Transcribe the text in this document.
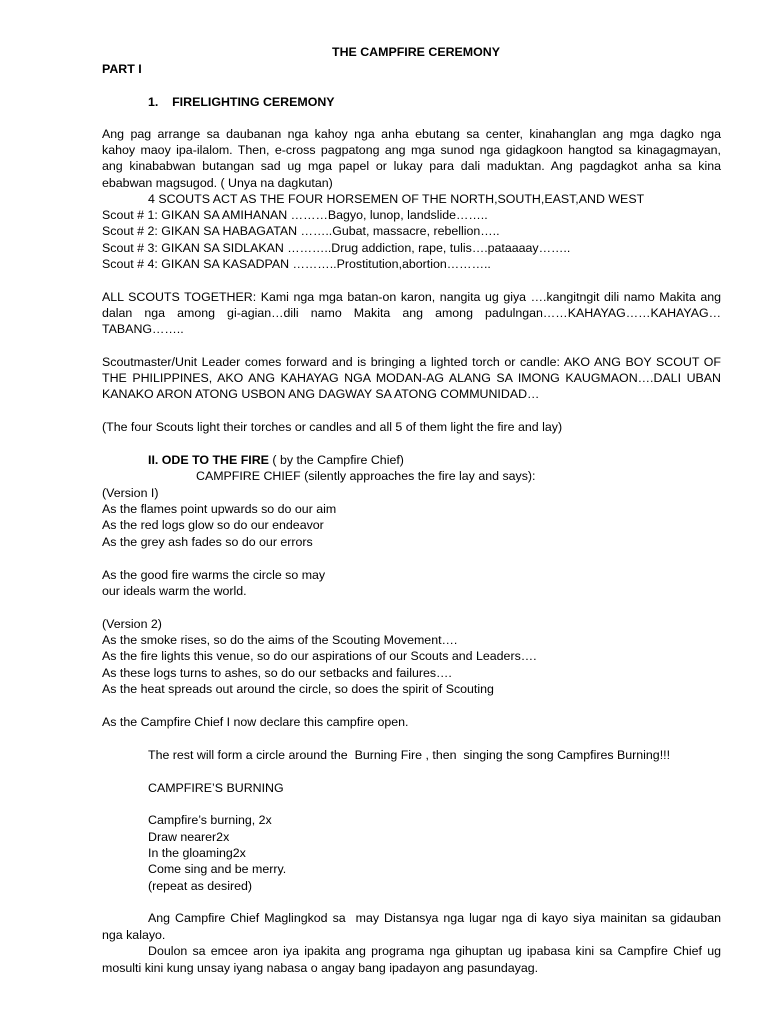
THE CAMPFIRE CEREMONY
PART I
1.    FIRELIGHTING CEREMONY
Ang pag arrange sa daubanan nga kahoy nga anha ebutang sa center, kinahanglan ang mga dagko nga
kahoy maoy ipa-ilalom. Then, e-cross pagpatong ang mga sunod nga gidagkoon hangtod sa kinagagmayan,
ang kinababwan butangan sad ug mga papel or lukay para dali maduktan. Ang pagdagkot anha sa kina
ebabwan magsugod. ( Unya na dagkutan)
4 SCOUTS ACT AS THE FOUR HORSEMEN OF THE NORTH,SOUTH,EAST,AND WEST
Scout # 1: GIKAN SA AMIHANAN ………Bagyo, lunop, landslide……..
Scout # 2: GIKAN SA HABAGATAN ……..Gubat, massacre, rebellion…..
Scout # 3: GIKAN SA SIDLAKAN ………..Drug addiction, rape, tulis….pataaaay……..
Scout # 4: GIKAN SA KASADPAN ………..Prostitution,abortion………..
ALL SCOUTS TOGETHER: Kami nga mga batan-on karon, nangita ug giya ….kangitngit dili namo Makita ang
dalan nga among gi-agian…dili namo Makita ang among padulngan……KAHAYAG……KAHAYAG…
TABANG……..
Scoutmaster/Unit Leader comes forward and is bringing a lighted torch or candle: AKO ANG BOY SCOUT OF
THE PHILIPPINES, AKO ANG KAHAYAG NGA MODAN-AG ALANG SA IMONG KAUGMAON….DALI UBAN
KANAKO ARON ATONG USBON ANG DAGWAY SA ATONG COMMUNIDAD…
(The four Scouts light their torches or candles and all 5 of them light the fire and lay)
II. ODE TO THE FIRE ( by the Campfire Chief)
CAMPFIRE CHIEF (silently approaches the fire lay and says):
(Version I)
As the flames point upwards so do our aim
As the red logs glow so do our endeavor
As the grey ash fades so do our errors
As the good fire warms the circle so may
our ideals warm the world.
(Version 2)
As the smoke rises, so do the aims of the Scouting Movement….
As the fire lights this venue, so do our aspirations of our Scouts and Leaders….
As these logs turns to ashes, so do our setbacks and failures….
As the heat spreads out around the circle, so does the spirit of Scouting
As the Campfire Chief I now declare this campfire open.
The rest will form a circle around the  Burning Fire , then  singing the song Campfires Burning!!!
CAMPFIRE’S BURNING
Campfire’s burning, 2x
Draw nearer2x
In the gloaming2x
Come sing and be merry.
(repeat as desired)
Ang Campfire Chief Maglingkod sa  may Distansya nga lugar nga di kayo siya mainitan sa gidauban
nga kalayo.
Doulon sa emcee aron iya ipakita ang programa nga gihuptan ug ipabasa kini sa Campfire Chief ug
mosulti kini kung unsay iyang nabasa o angay bang ipadayon ang pasundayag.
